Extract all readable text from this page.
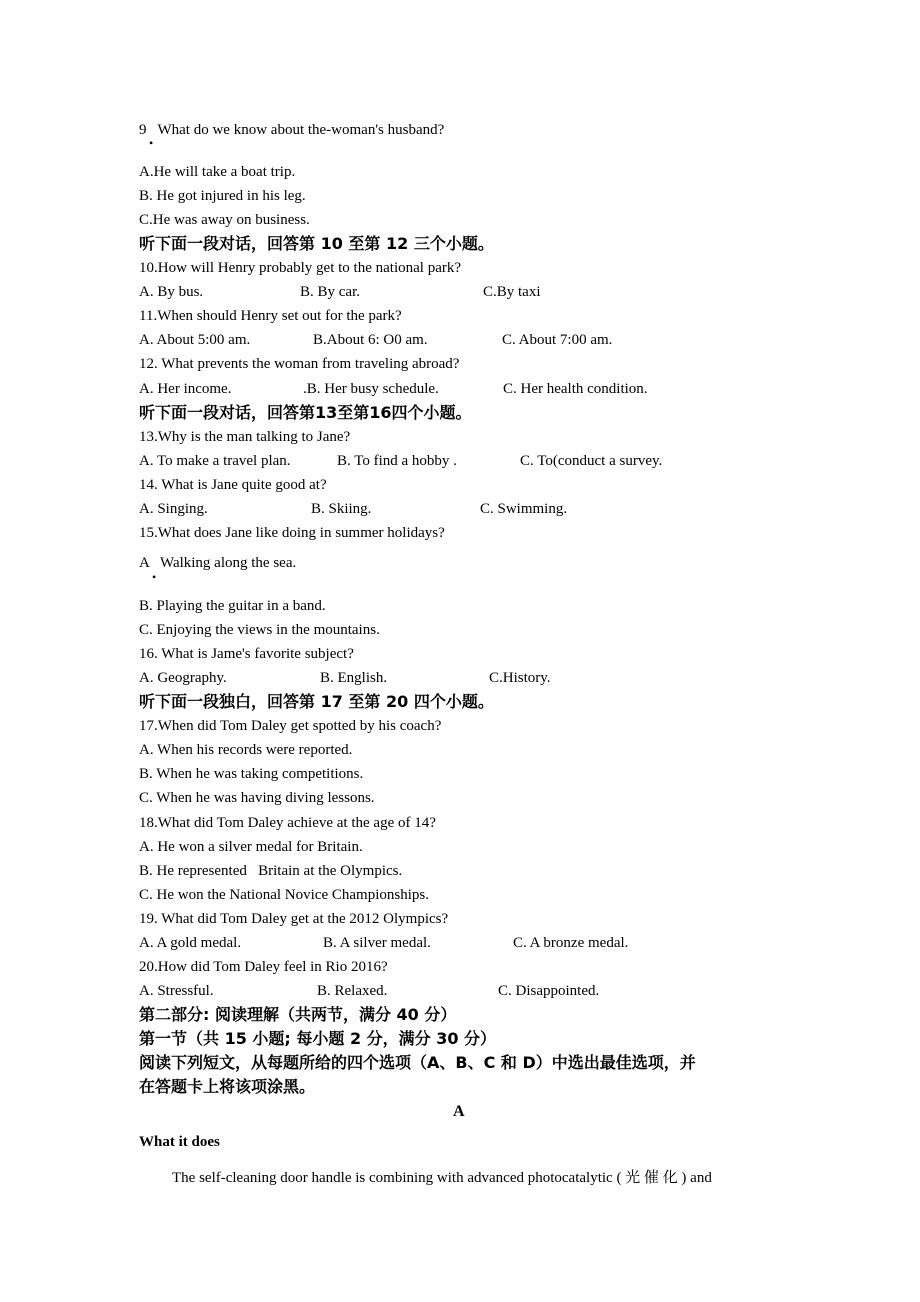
9   What do we know about the-woman's husband?
•
A.He will take a boat trip.
B. He got injured in his leg.
C.He was away on business.
听下面一段对话，回答第 10 至第 12 三个小题。
10.How will Henry probably get to the national park?

A. By bus.

	B. By car.

	C.By taxi

11.When should Henry set out for the park?

A. About 5:00 am.

	B.About 6: O0 am.

	C. About 7:00 am.

12. What prevents the woman from traveling abroad?

A. Her income.

	.B. Her busy schedule.

	C. Her health condition.

听下面一段对话，回答第13至第16四个小题。
13.Why is the man talking to Jane?

A. To make a travel plan.

	B. To find a hobby .

	C. To(conduct a survey.

14. What is Jane quite good at?

A. Singing.

	B. Skiing.

	C. Swimming.

15.What does Jane like doing in summer holidays?
A   Walking along the sea.
•
B. Playing the guitar in a band.
C. Enjoying the views in the mountains.
16. What is Jame's favorite subject?

A. Geography.

	B. English.

	C.History.

听下面一段独白，回答第 17 至第 20 四个小题。
17.When did Tom Daley get spotted by his coach?
A. When his records were reported.
B. When he was taking competitions.
C. When he was having diving lessons.
18.What did Tom Daley achieve at the age of 14?
A. He won a silver medal for Britain.
B. He represented   Britain at the Olympics.
C. He won the National Novice Championships.
19. What did Tom Daley get at the 2012 Olympics?

A. A gold medal.

	B. A silver medal.

	C. A bronze medal.

20.How did Tom Daley feel in Rio 2016?

A. Stressful.

	B. Relaxed.

	C. Disappointed.

第二部分: 阅读理解（共两节，满分 40 分）
第一节（共 15 小题; 每小题 2 分，满分 30 分）
阅读下列短文，从每题所给的四个选项（A、B、C 和 D）中选出最佳选项，并
在答题卡上将该项涂黑。
A
What it does
The self-cleaning door handle is combining with advanced photocatalytic ( 光 催 化 ) and
